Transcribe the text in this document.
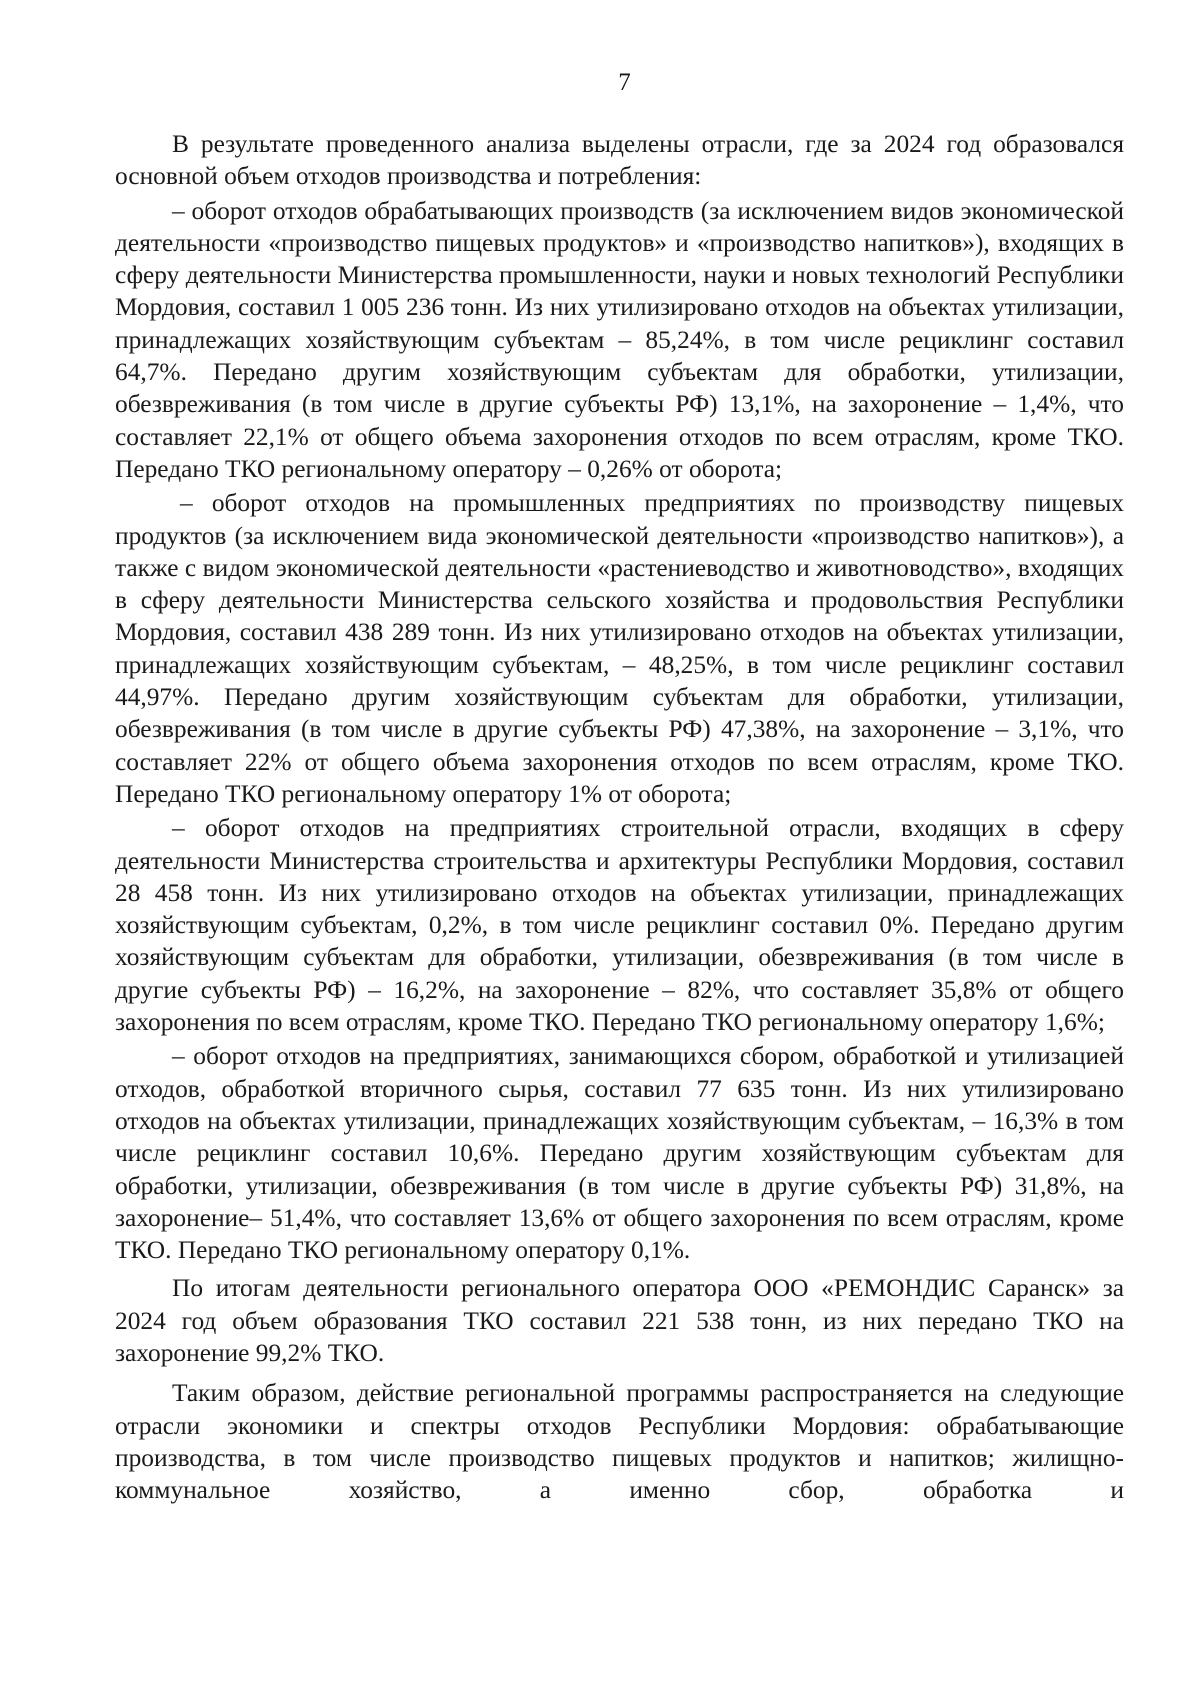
7

В результате проведенного анализа выделены отрасли, где за 2024 год образовался основной объем отходов производства и потребления:

– оборот отходов обрабатывающих производств (за исключением видов экономической деятельности «производство пищевых продуктов» и «производство напитков»), входящих в сферу деятельности Министерства промышленности, науки и новых технологий Республики Мордовия, составил 1 005 236 тонн. Из них утилизировано отходов на объектах утилизации, принадлежащих хозяйствующим субъектам – 85,24%, в том числе рециклинг составил 64,7%. Передано другим хозяйствующим субъектам для обработки, утилизации, обезвреживания (в том числе в другие субъекты РФ) 13,1%, на захоронение – 1,4%, что составляет 22,1% от общего объема захоронения отходов по всем отраслям, кроме ТКО. Передано ТКО региональному оператору – 0,26% от оборота;

– оборот отходов на промышленных предприятиях по производству пищевых продуктов (за исключением вида экономической деятельности «производство напитков»), а также с видом экономической деятельности «растениеводство и животноводство», входящих в сферу деятельности Министерства сельского хозяйства и продовольствия Республики Мордовия, составил 438 289 тонн. Из них утилизировано отходов на объектах утилизации, принадлежащих хозяйствующим субъектам, – 48,25%, в том числе рециклинг составил 44,97%. Передано другим хозяйствующим субъектам для обработки, утилизации, обезвреживания (в том числе в другие субъекты РФ) 47,38%, на захоронение – 3,1%, что составляет 22% от общего объема захоронения отходов по всем отраслям, кроме ТКО. Передано ТКО региональному оператору 1% от оборота;

– оборот отходов на предприятиях строительной отрасли, входящих в сферу деятельности Министерства строительства и архитектуры Республики Мордовия, составил 28 458 тонн. Из них утилизировано отходов на объектах утилизации, принадлежащих хозяйствующим субъектам, 0,2%, в том числе рециклинг составил 0%. Передано другим хозяйствующим субъектам для обработки, утилизации, обезвреживания (в том числе в другие субъекты РФ) – 16,2%, на захоронение – 82%, что составляет 35,8% от общего захоронения по всем отраслям, кроме ТКО. Передано ТКО региональному оператору 1,6%;

– оборот отходов на предприятиях, занимающихся сбором, обработкой и утилизацией отходов, обработкой вторичного сырья, составил 77 635 тонн. Из них утилизировано отходов на объектах утилизации, принадлежащих хозяйствующим субъектам, – 16,3% в том числе рециклинг составил 10,6%. Передано другим хозяйствующим субъектам для обработки, утилизации, обезвреживания (в том числе в другие субъекты РФ) 31,8%, на захоронение– 51,4%, что составляет 13,6% от общего захоронения по всем отраслям, кроме ТКО. Передано ТКО региональному оператору 0,1%.

По итогам деятельности регионального оператора ООО «РЕМОНДИС Саранск» за 2024 год объем образования ТКО составил 221 538 тонн, из них передано ТКО на захоронение 99,2% ТКО.

Таким образом, действие региональной программы распространяется на следующие отрасли экономики и спектры отходов Республики Мордовия: обрабатывающие производства, в том числе производство пищевых продуктов и напитков; жилищно-коммунальное хозяйство, а именно сбор, обработка и
